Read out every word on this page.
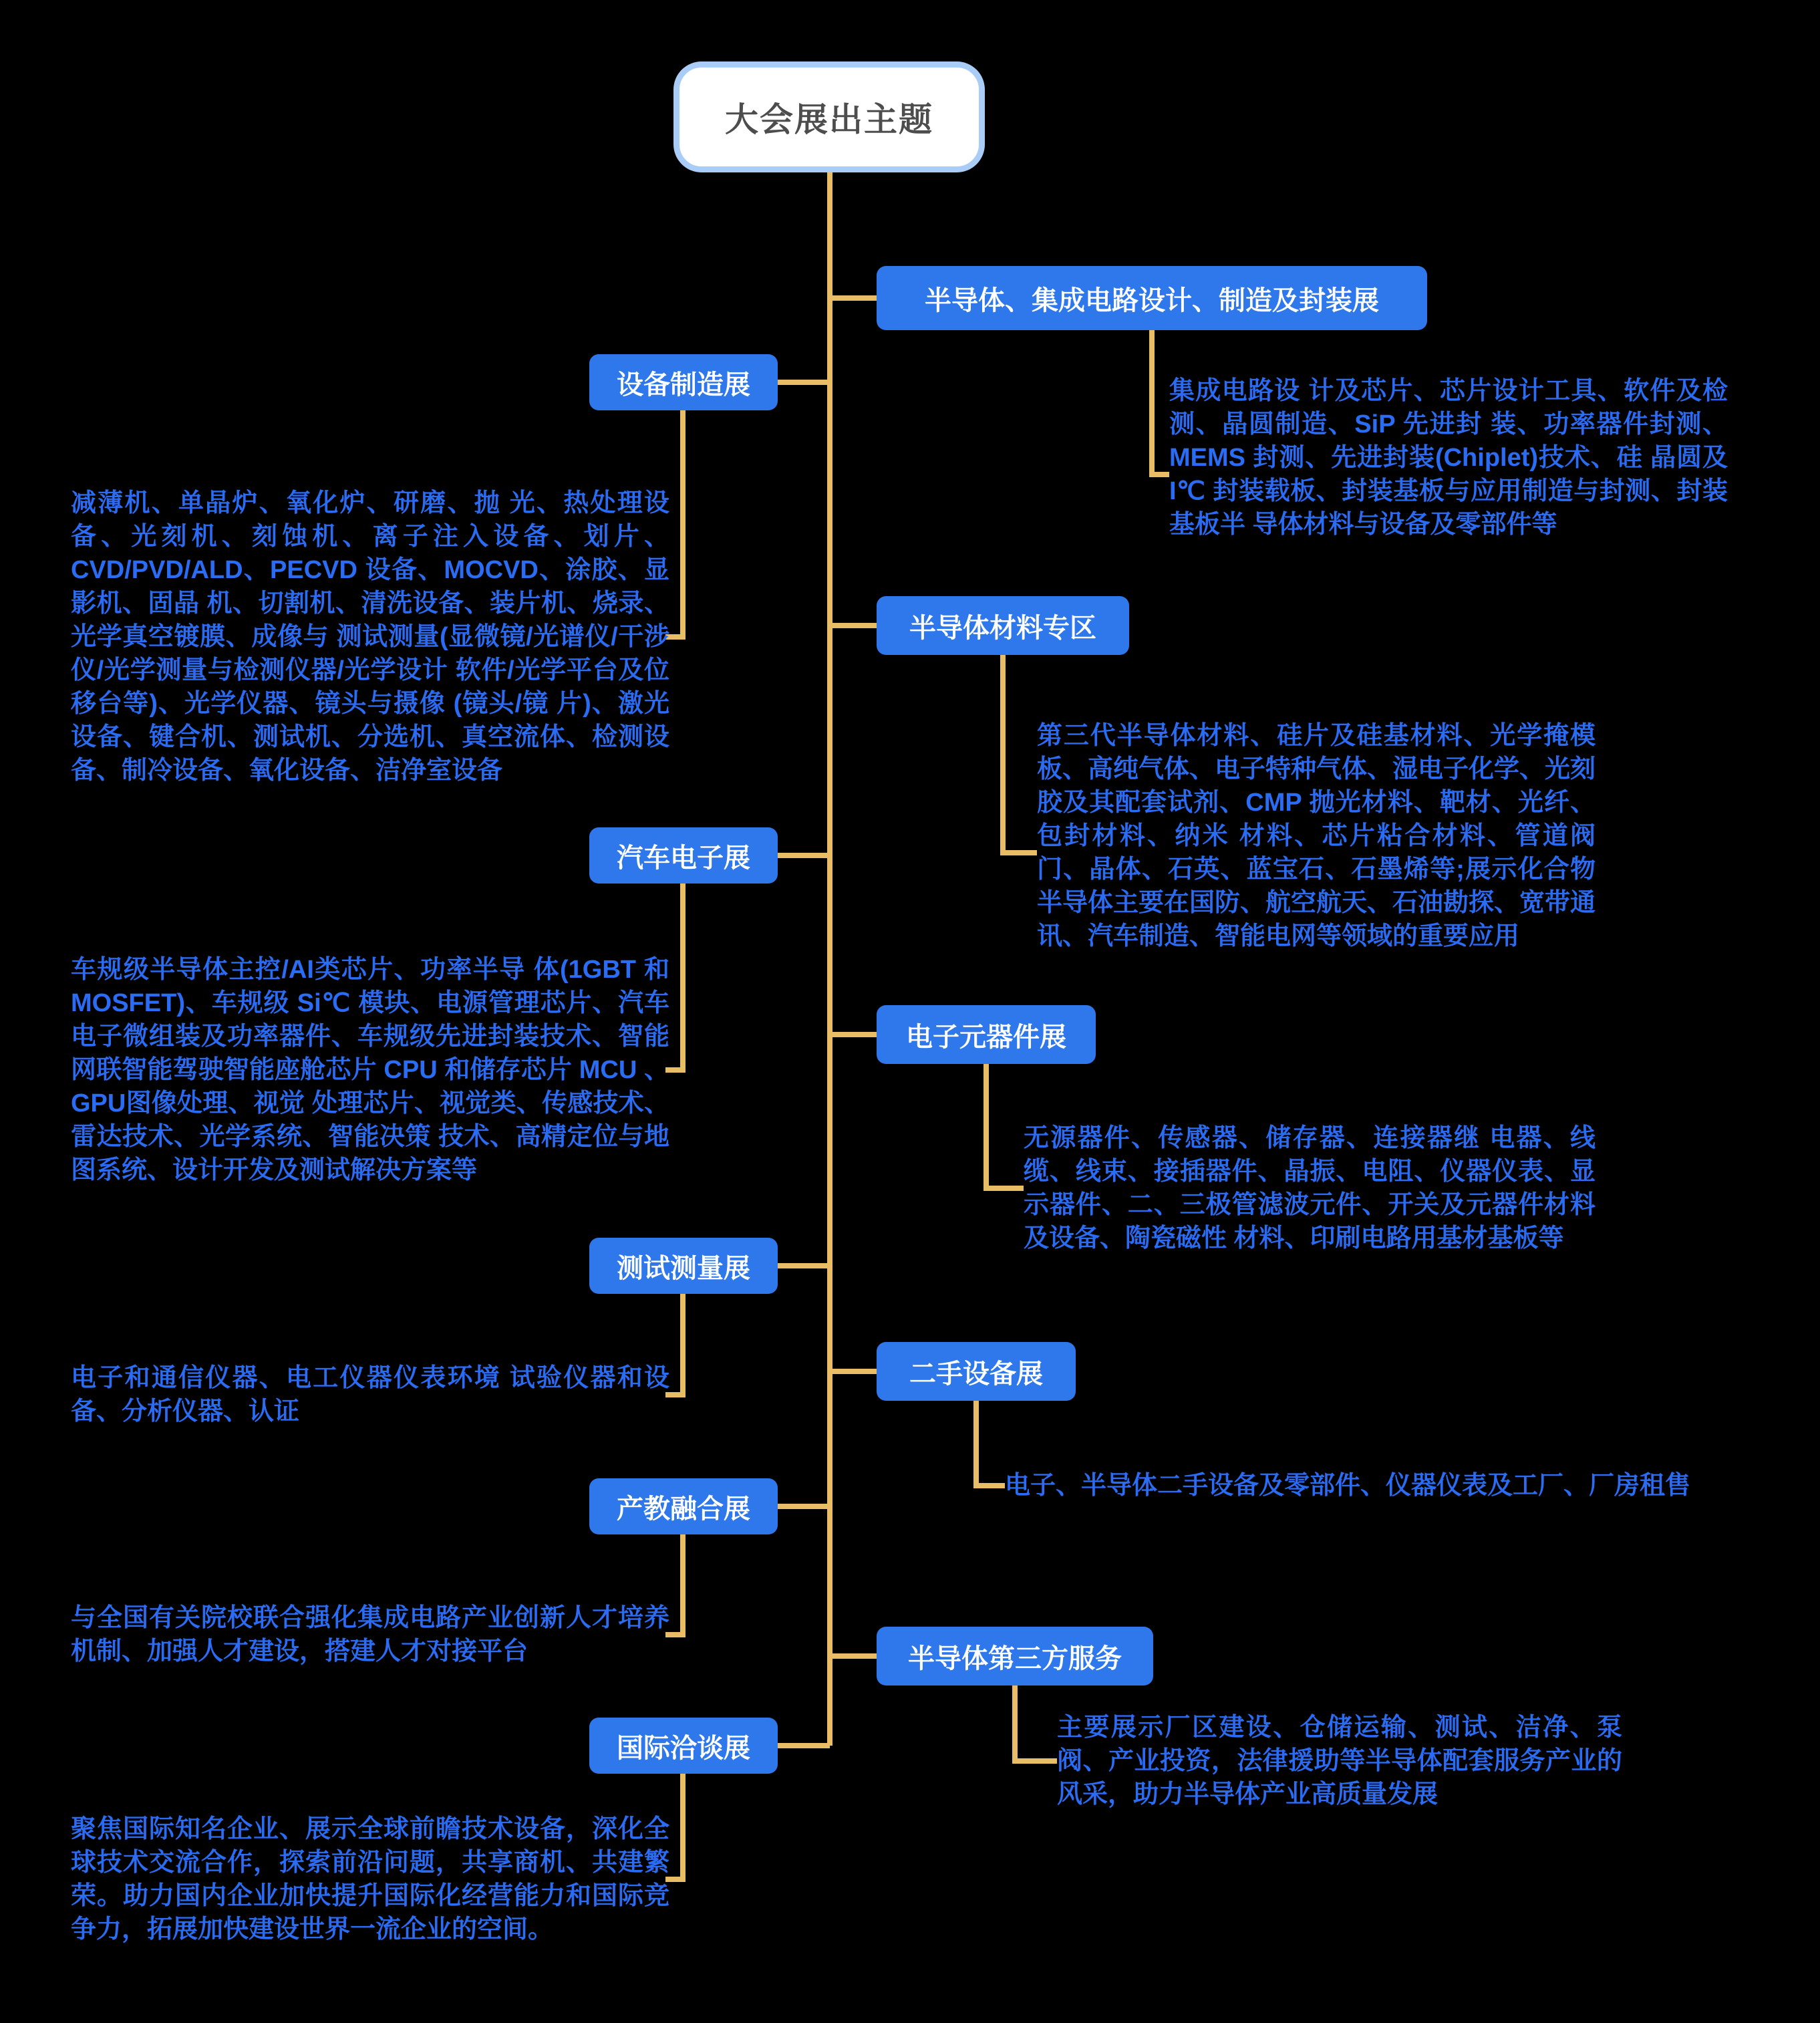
大会展出主题
设备制造展
汽车电子展
测试测量展
产教融合展
国际洽谈展
半导体、集成电路设计、制造及封装展
半导体材料专区
电子元器件展
二手设备展
半导体第三方服务
减薄机、单晶炉、氧化炉、研磨、抛 光、热处理设备、光刻机、刻蚀机、离子注入设备、划片、CVD/PVD/ALD、PECVD 设备、MOCVD、涂胶、显影机、固晶 机、切割机、清洗设备、装片机、烧录、光学真空镀膜、成像与 测试测量(显微镜/光谱仪/干涉仪/光学测量与检测仪器/光学设计 软件/光学平台及位移台等)、光学仪器、镜头与摄像 (镜头/镜 片)、激光设备、键合机、测试机、分选机、真空流体、检测设 备、制冷设备、氧化设备、洁净室设备
车规级半导体主控/AI类芯片、功率半导 体(1GBT 和 MOSFET)、车规级 Si℃ 模块、电源管理芯片、汽车电子微组装及功率器件、车规级先进封装技术、智能网联智能驾驶智能座舱芯片 CPU 和储存芯片 MCU 、GPU图像处理、视觉 处理芯片、视觉类、传感技术、雷达技术、光学系统、智能决策 技术、高精定位与地图系统、设计开发及测试解决方案等
电子和通信仪器、电工仪器仪表环境 试验仪器和设备、分析仪器、认证
与全国有关院校联合强化集成电路产业创新人才培养机制、加强人才建设，搭建人才对接平台
聚焦国际知名企业、展示全球前瞻技术设备，深化全球技术交流合作，探索前沿问题，共享商机、共建繁荣。助力国内企业加快提升国际化经营能力和国际竞争力，拓展加快建设世界一流企业的空间。
集成电路设 计及芯片、芯片设计工具、软件及检测、晶圆制造、SiP 先进封 装、功率器件封测、MEMS 封测、先进封装(Chiplet)技术、硅 晶圆及 I℃ 封装载板、封装基板与应用制造与封测、封装基板半 导体材料与设备及零部件等
第三代半导体材料、硅片及硅基材料、光学掩模板、高纯气体、电子特种气体、湿电子化学、光刻 胶及其配套试剂、CMP 抛光材料、靶材、光纤、包封材料、纳米 材料、芯片粘合材料、管道阀门、晶体、石英、蓝宝石、石墨烯等;展示化合物半导体主要在国防、航空航天、石油勘探、宽带通讯、汽车制造、智能电网等领域的重要应用
无源器件、传感器、储存器、连接器继 电器、线缆、线束、接插器件、晶振、电阻、仪器仪表、显示器件、二、三极管滤波元件、开关及元器件材料及设备、陶瓷磁性 材料、印刷电路用基材基板等
电子、半导体二手设备及零部件、仪器仪表及工厂、厂房租售
主要展示厂区建设、仓储运输、测试、洁净、泵阀、产业投资，法律援助等半导体配套服务产业的风采，助力半导体产业高质量发展
